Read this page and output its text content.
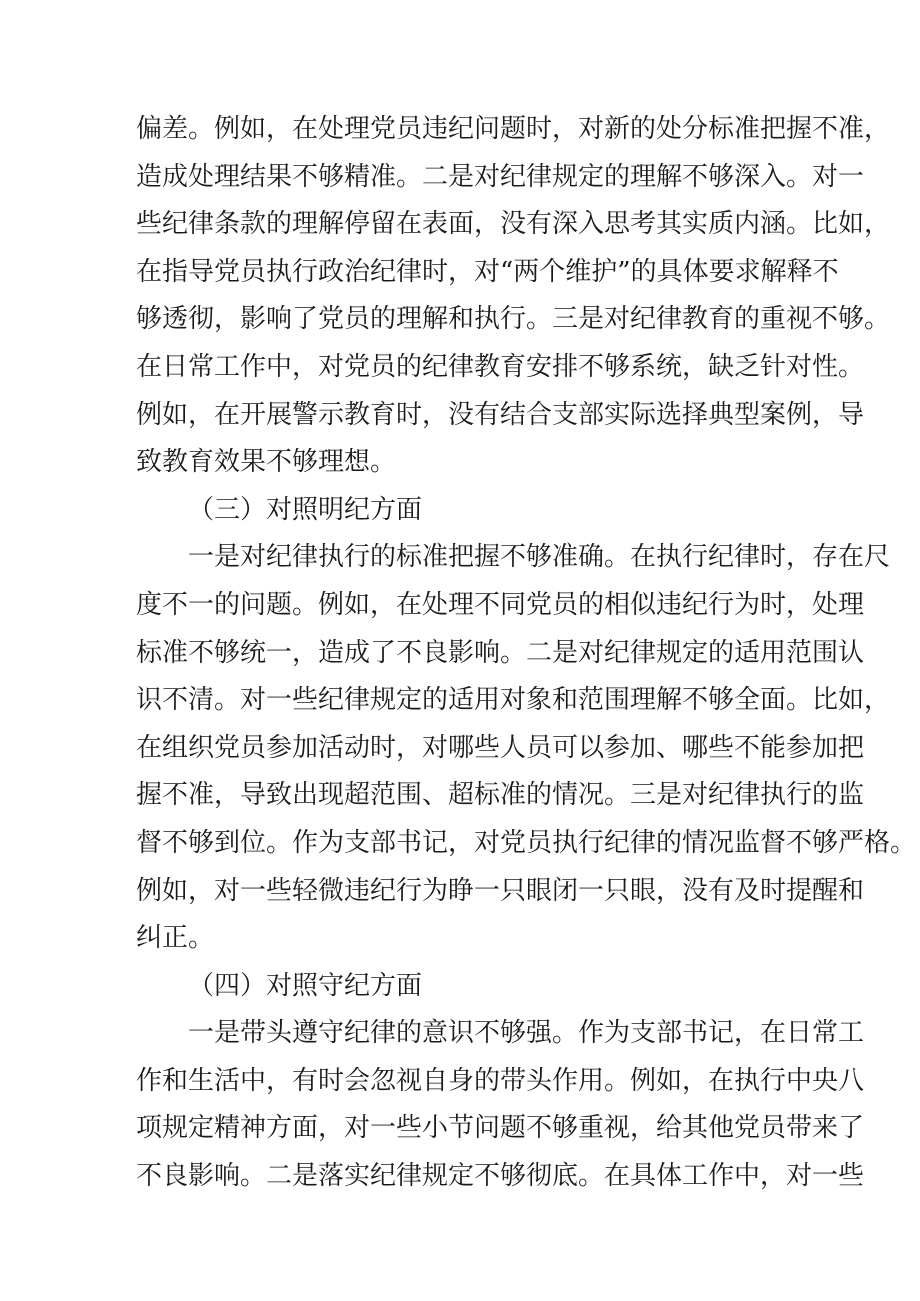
偏差。例如，在处理党员违纪问题时，对新的处分标准把握不准，
造成处理结果不够精准。二是对纪律规定的理解不够深入。对一
些纪律条款的理解停留在表面，没有深入思考其实质内涵。比如，
在指导党员执行政治纪律时，对“两个维护”的具体要求解释不
够透彻，影响了党员的理解和执行。三是对纪律教育的重视不够。
在日常工作中，对党员的纪律教育安排不够系统，缺乏针对性。
例如，在开展警示教育时，没有结合支部实际选择典型案例，导
致教育效果不够理想。
（三）对照明纪方面
一是对纪律执行的标准把握不够准确。在执行纪律时，存在尺
度不一的问题。例如，在处理不同党员的相似违纪行为时，处理
标准不够统一，造成了不良影响。二是对纪律规定的适用范围认
识不清。对一些纪律规定的适用对象和范围理解不够全面。比如，
在组织党员参加活动时，对哪些人员可以参加、哪些不能参加把
握不准，导致出现超范围、超标准的情况。三是对纪律执行的监
督不够到位。作为支部书记，对党员执行纪律的情况监督不够严格。
例如，对一些轻微违纪行为睁一只眼闭一只眼，没有及时提醒和
纠正。
（四）对照守纪方面
一是带头遵守纪律的意识不够强。作为支部书记，在日常工
作和生活中，有时会忽视自身的带头作用。例如，在执行中央八
项规定精神方面，对一些小节问题不够重视，给其他党员带来了
不良影响。二是落实纪律规定不够彻底。在具体工作中，对一些
